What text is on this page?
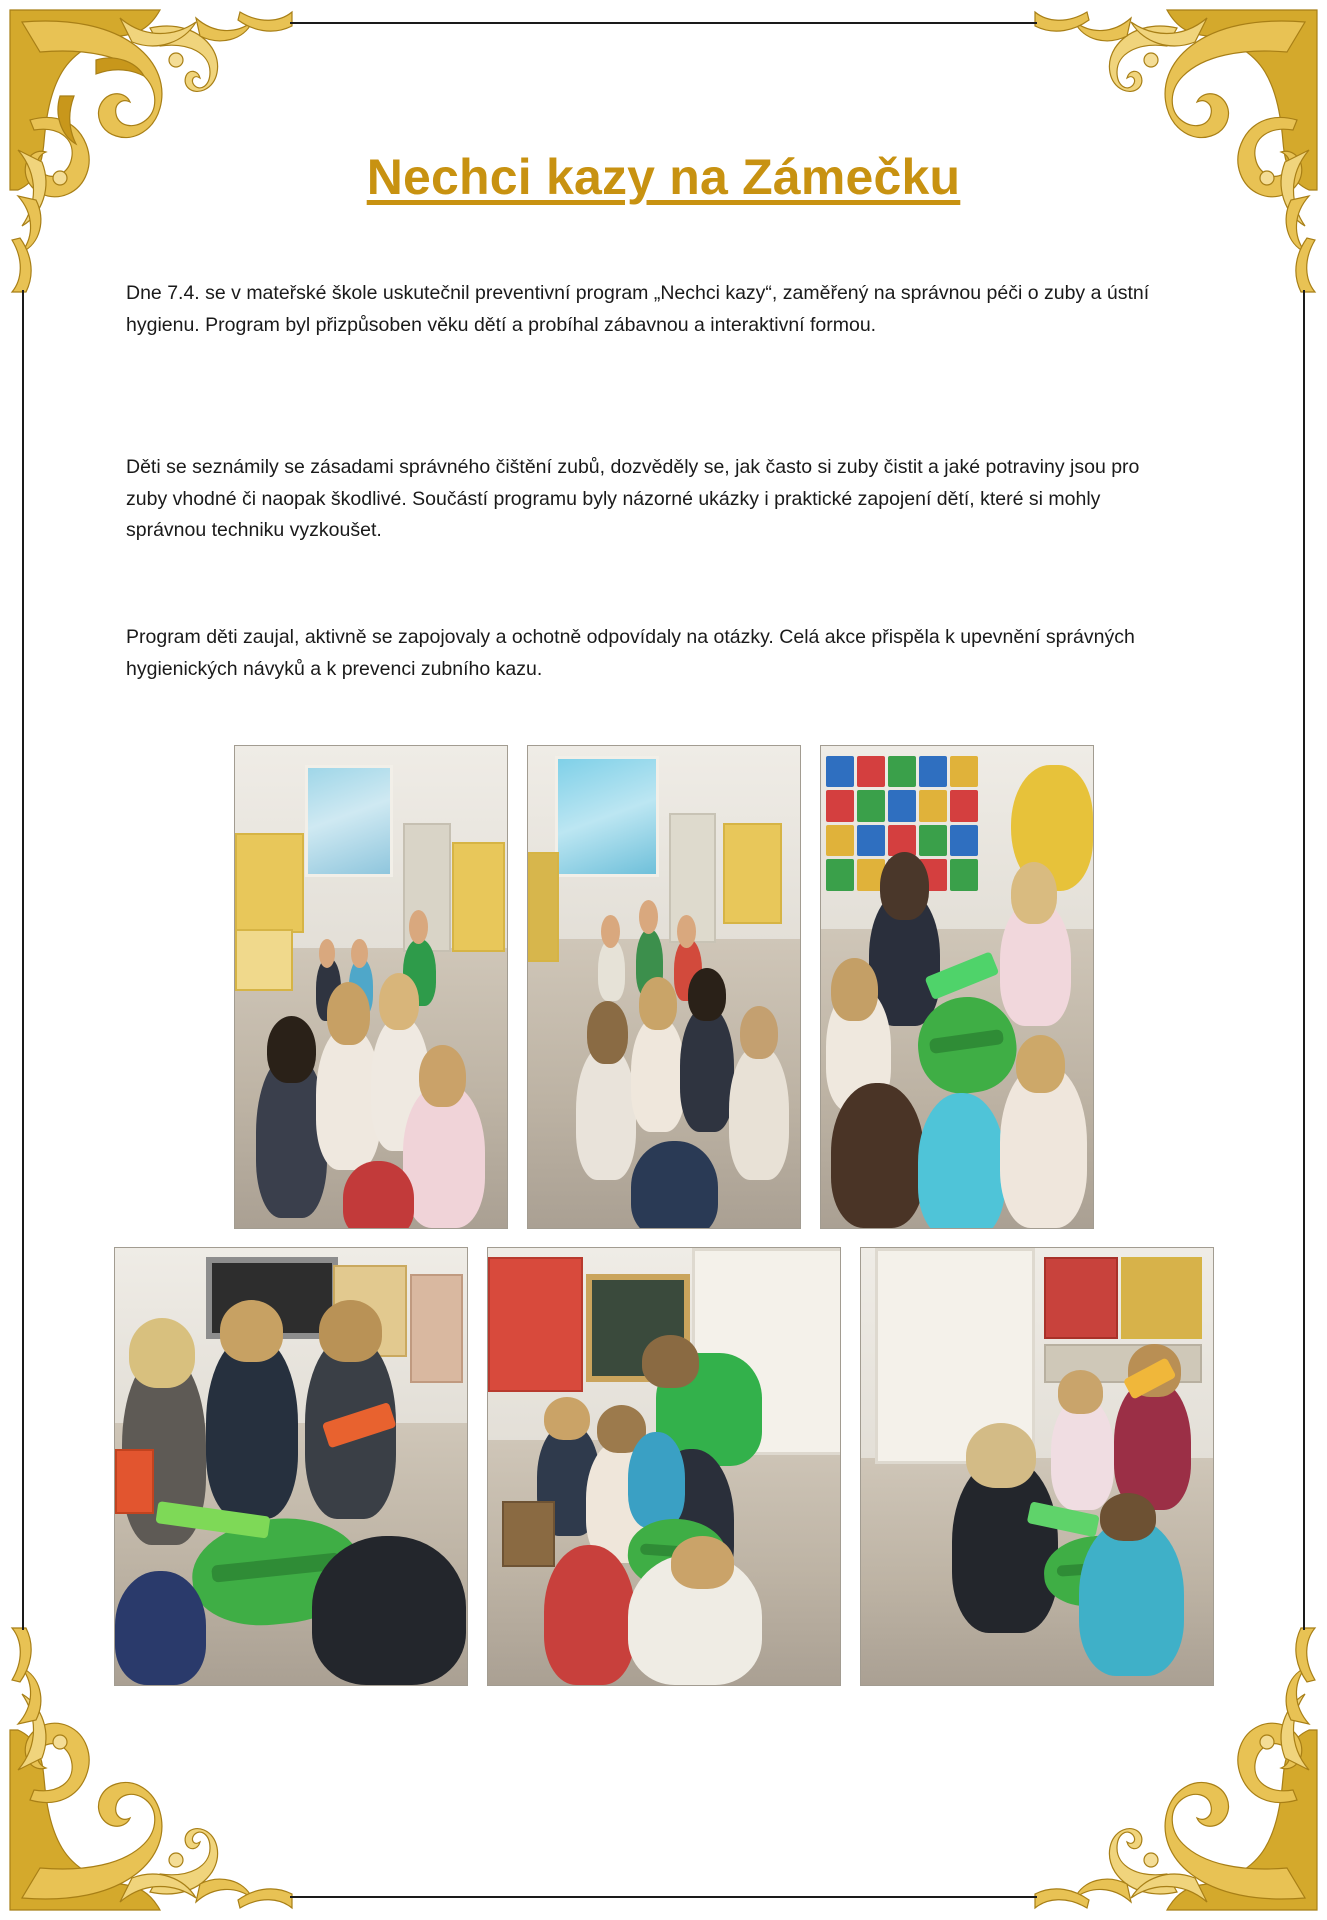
Nechci kazy na Zámečku
Dne 7.4. se v mateřské škole uskutečnil preventivní program „Nechci kazy“, zaměřený na správnou péči o zuby a ústní hygienu. Program byl přizpůsoben věku dětí a probíhal zábavnou a interaktivní formou.
Děti se seznámily se zásadami správného čištění zubů, dozvěděly se, jak často si zuby čistit a jaké potraviny jsou pro zuby vhodné či naopak škodlivé. Součástí programu byly názorné ukázky i praktické zapojení dětí, které si mohly správnou techniku vyzkoušet.
Program děti zaujal, aktivně se zapojovaly a ochotně odpovídaly na otázky. Celá akce přispěla k upevnění správných hygienických návyků a k prevenci zubního kazu.
